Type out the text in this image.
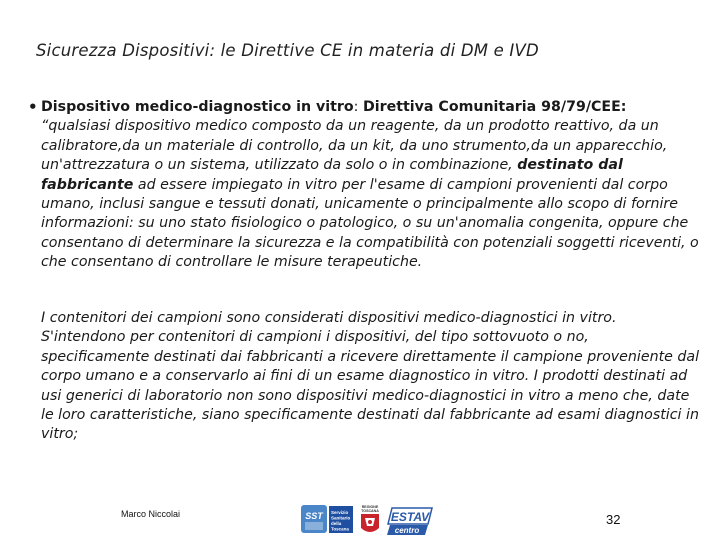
Sicurezza Dispositivi: le Direttive CE in materia di DM e IVD
• Dispositivo medico-diagnostico in vitro: Direttiva Comunitaria 98/79/CEE: “qualsiasi dispositivo medico composto da un reagente, da un prodotto reattivo, da un calibratore,da un materiale di controllo, da un kit, da uno strumento,da un apparecchio, un'attrezzatura o un sistema, utilizzato da solo o in combinazione, destinato dal fabbricante ad essere impiegato in vitro per l'esame di campioni provenienti dal corpo umano, inclusi sangue e tessuti donati, unicamente o principalmente allo scopo di fornire informazioni: su uno stato fisiologico o patologico, o su un'anomalia congenita, oppure che consentano di determinare la sicurezza e la compatibilità con potenziali soggetti riceventi, o che consentano di controllare le misure terapeutiche.
I contenitori dei campioni sono considerati dispositivi medico-diagnostici in vitro. S'intendono per contenitori di campioni i dispositivi, del tipo sottovuoto o no, specificamente destinati dai fabbricanti a ricevere direttamente il campione proveniente dal corpo umano e a conservarlo ai fini di un esame diagnostico in vitro. I prodotti destinati ad usi generici di laboratorio non sono dispositivi medico-diagnostici in vitro a meno che, date le loro caratteristiche, siano specificamente destinati dal fabbricante ad esami diagnostici in vitro;
Marco Niccolai	SST	Servizio
Sanitario
della
Toscana
REGIONE
TOSCANA ESTAV
centro
32
